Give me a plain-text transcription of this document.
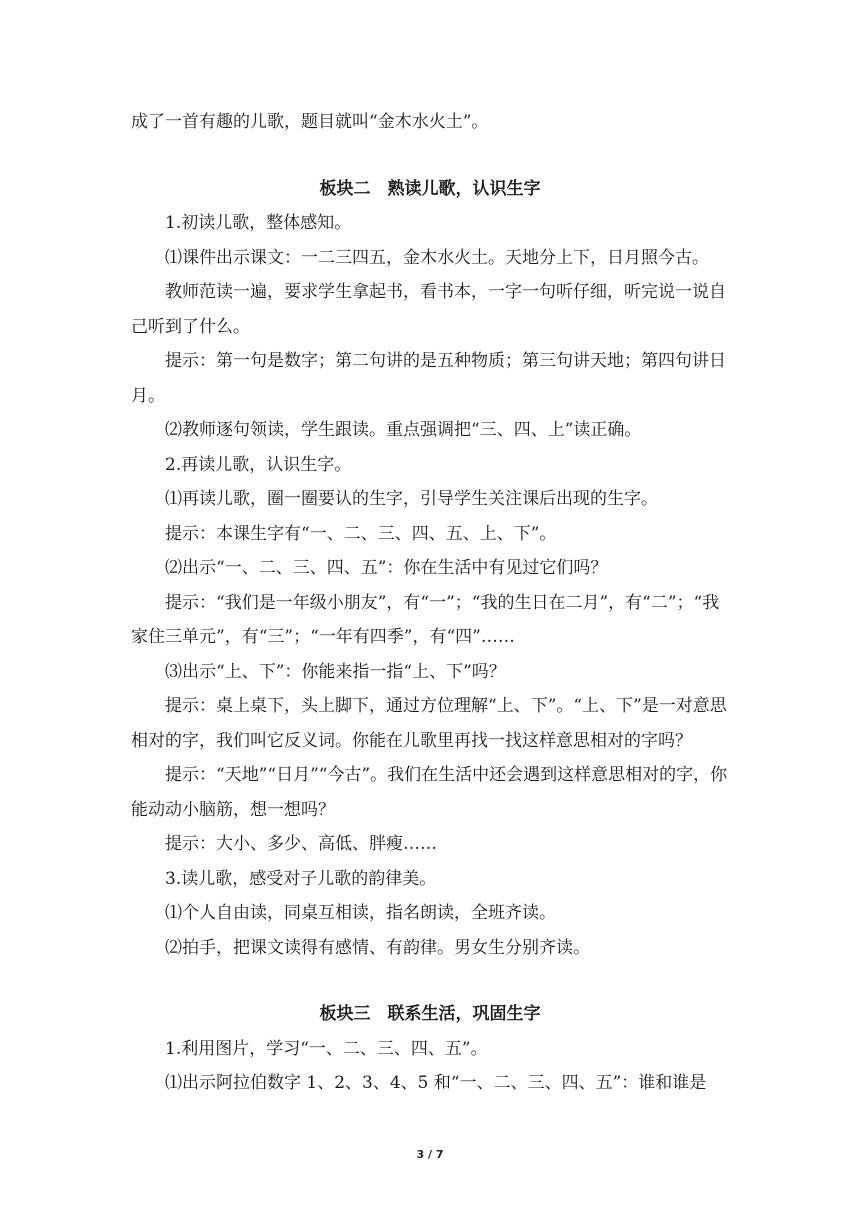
成了一首有趣的儿歌，题目就叫“金木水火土”。

板块二　熟读儿歌，认识生字

1.初读儿歌，整体感知。

⑴课件出示课文：一二三四五，金木水火土。天地分上下，日月照今古。

教师范读一遍，要求学生拿起书，看书本，一字一句听仔细，听完说一说自己听到了什么。

提示：第一句是数字；第二句讲的是五种物质；第三句讲天地；第四句讲日月。

⑵教师逐句领读，学生跟读。重点强调把“三、四、上”读正确。

2.再读儿歌，认识生字。

⑴再读儿歌，圈一圈要认的生字，引导学生关注课后出现的生字。

提示：本课生字有“一、二、三、四、五、上、下”。

⑵出示“一、二、三、四、五”：你在生活中有见过它们吗？

提示：“我们是一年级小朋友”，有“一”；“我的生日在二月”，有“二”；“我家住三单元”，有“三”；“一年有四季”，有“四”……

⑶出示“上、下”：你能来指一指“上、下”吗？

提示：桌上桌下，头上脚下，通过方位理解“上、下”。“上、下”是一对意思相对的字，我们叫它反义词。你能在儿歌里再找一找这样意思相对的字吗？

提示：“天地”“日月”“今古”。我们在生活中还会遇到这样意思相对的字，你能动动小脑筋，想一想吗？

提示：大小、多少、高低、胖瘦……

3.读儿歌，感受对子儿歌的韵律美。

⑴个人自由读，同桌互相读，指名朗读，全班齐读。

⑵拍手，把课文读得有感情、有韵律。男女生分别齐读。

板块三　联系生活，巩固生字

1.利用图片，学习“一、二、三、四、五”。

⑴出示阿拉伯数字 1、2、3、4、5 和“一、二、三、四、五”：谁和谁是

3 / 7
